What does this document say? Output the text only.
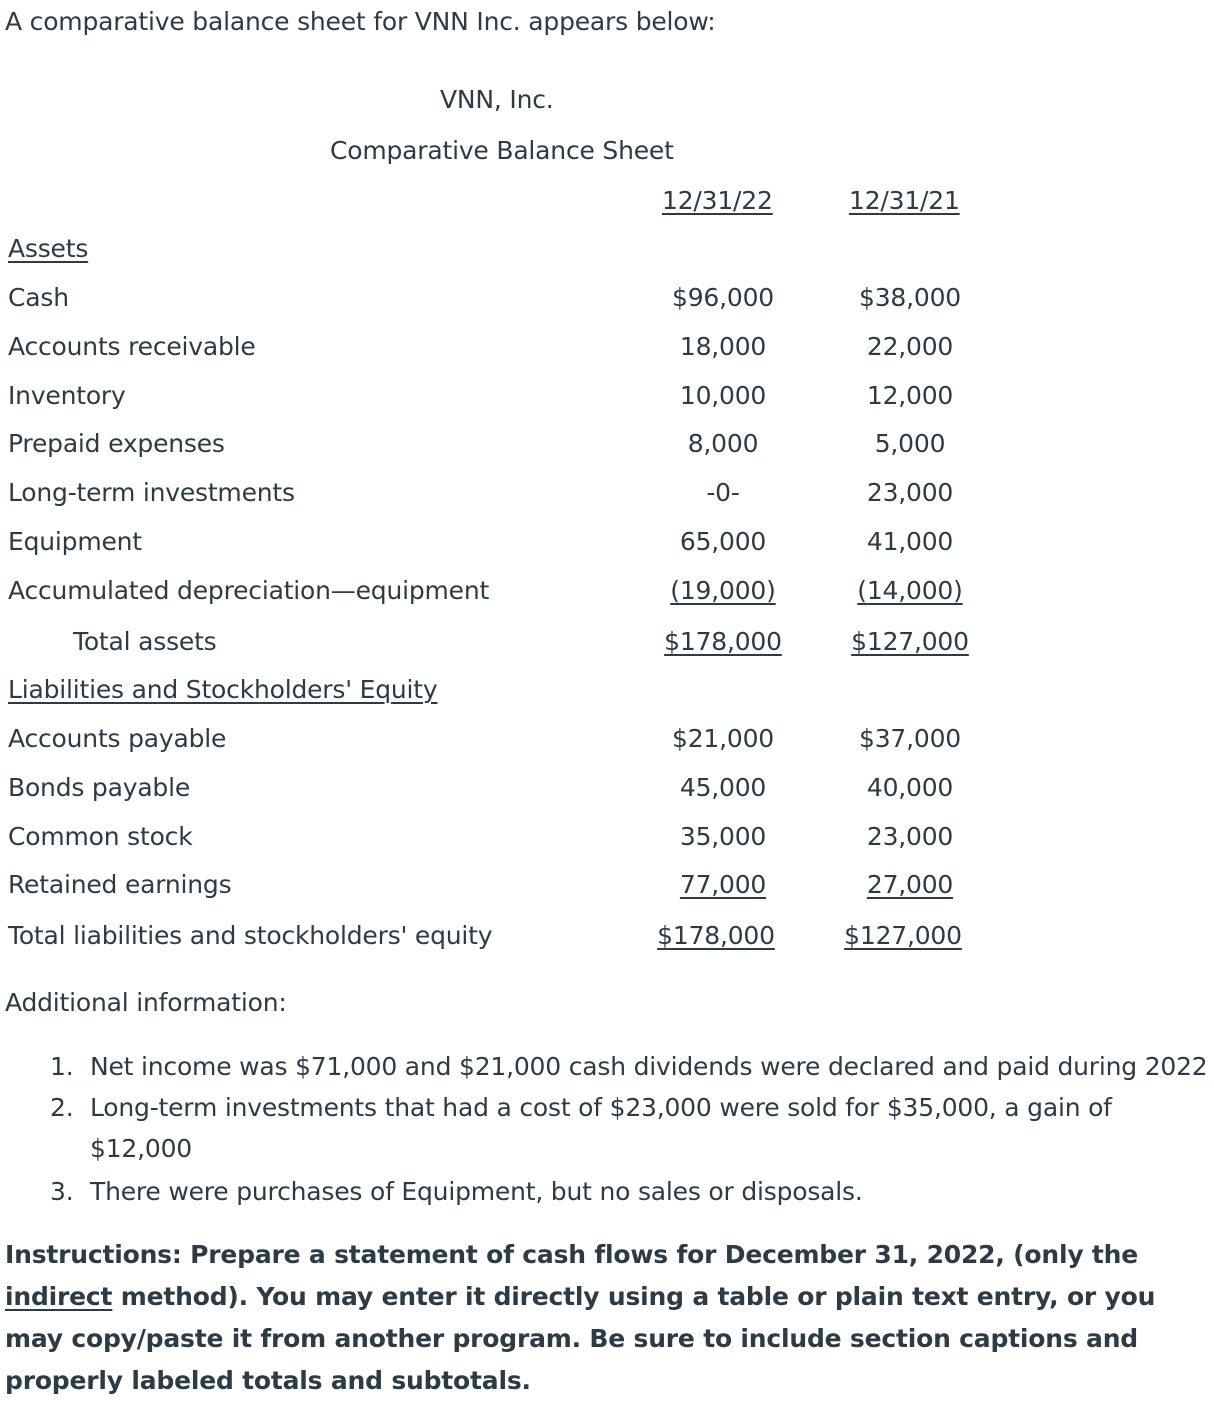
A comparative balance sheet for VNN Inc. appears below:
VNN, Inc.
Comparative Balance Sheet
12/31/22	12/31/21
Assets
Cash	$96,000	$38,000
Accounts receivable	18,000	22,000
Inventory	10,000	12,000
Prepaid expenses	8,000	5,000
Long-term investments	-0-	23,000
Equipment	65,000	41,000
Accumulated depreciation—equipment	(19,000)	(14,000)
Total assets	$178,000	$127,000
Liabilities and Stockholders' Equity
Accounts payable	$21,000	$37,000
Bonds payable	45,000	40,000
Common stock	35,000	23,000
Retained earnings	77,000	27,000
Total liabilities and stockholders' equity	$178,000	$127,000
Additional information:
1. Net income was $71,000 and $21,000 cash dividends were declared and paid during 2022
2. Long-term investments that had a cost of $23,000 were sold for $35,000, a gain of $12,000
3. There were purchases of Equipment, but no sales or disposals.
Instructions: Prepare a statement of cash flows for December 31, 2022, (only the indirect method). You may enter it directly using a table or plain text entry, or you may copy/paste it from another program. Be sure to include section captions and properly labeled totals and subtotals.
